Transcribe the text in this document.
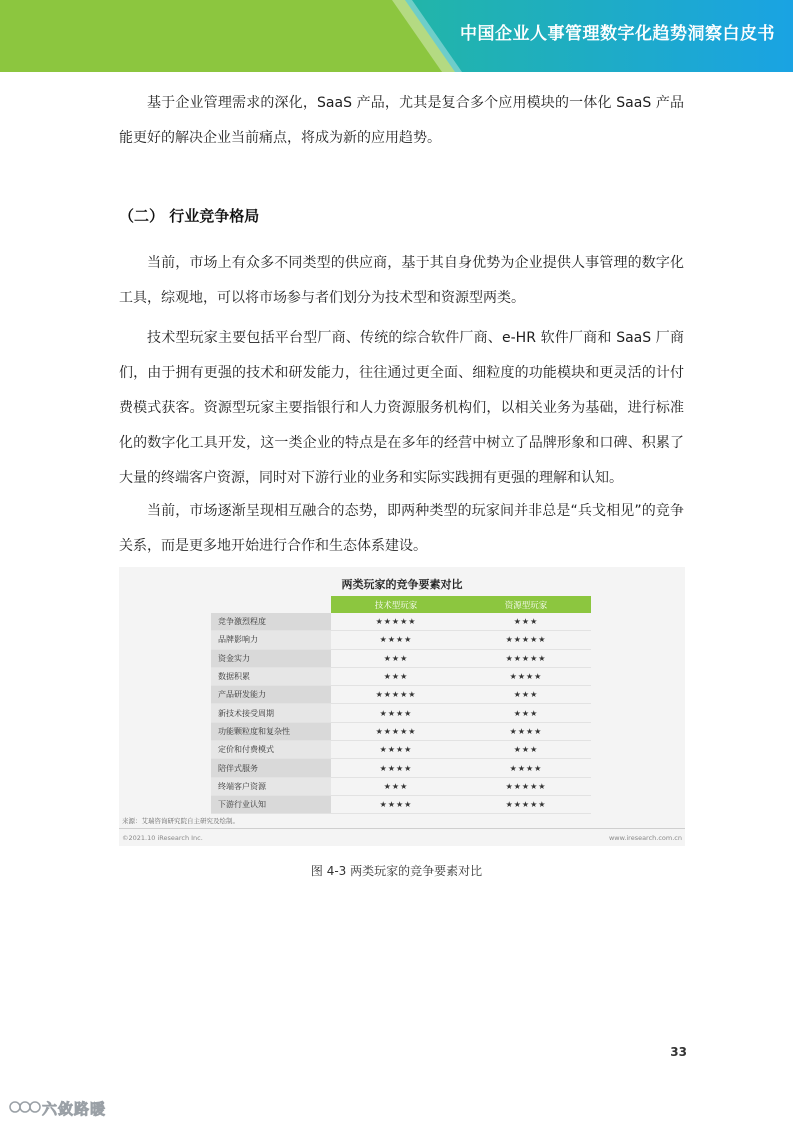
中国企业人事管理数字化趋势洞察白皮书

基于企业管理需求的深化，SaaS 产品，尤其是复合多个应用模块的一体化 SaaS 产品能更好的解决企业当前痛点，将成为新的应用趋势。

（二） 行业竞争格局

当前，市场上有众多不同类型的供应商，基于其自身优势为企业提供人事管理的数字化工具，综观地，可以将市场参与者们划分为技术型和资源型两类。

技术型玩家主要包括平台型厂商、传统的综合软件厂商、e-HR 软件厂商和 SaaS 厂商们，由于拥有更强的技术和研发能力，往往通过更全面、细粒度的功能模块和更灵活的计付费模式获客。资源型玩家主要指银行和人力资源服务机构们，以相关业务为基础，进行标准化的数字化工具开发，这一类企业的特点是在多年的经营中树立了品牌形象和口碑、积累了大量的终端客户资源，同时对下游行业的业务和实际实践拥有更强的理解和认知。

当前，市场逐渐呈现相互融合的态势，即两种类型的玩家间并非总是“兵戈相见”的竞争关系，而是更多地开始进行合作和生态体系建设。

两类玩家的竞争要素对比
	技术型玩家	资源型玩家
竞争激烈程度	★★★★★	★★★
品牌影响力	★★★★	★★★★★
资金实力	★★★	★★★★★
数据积累	★★★	★★★★
产品研发能力	★★★★★	★★★
新技术接受周期	★★★★	★★★
功能颗粒度和复杂性	★★★★★	★★★★
定价和付费模式	★★★★	★★★
陪伴式服务	★★★★	★★★★
终端客户资源	★★★	★★★★★
下游行业认知	★★★★	★★★★★
来源：艾瑞咨询研究院自主研究及绘制。
©2021.10 iResearch Inc.	www.iresearch.com.cn
图 4-3 两类玩家的竞争要素对比
33
六敛路暖
